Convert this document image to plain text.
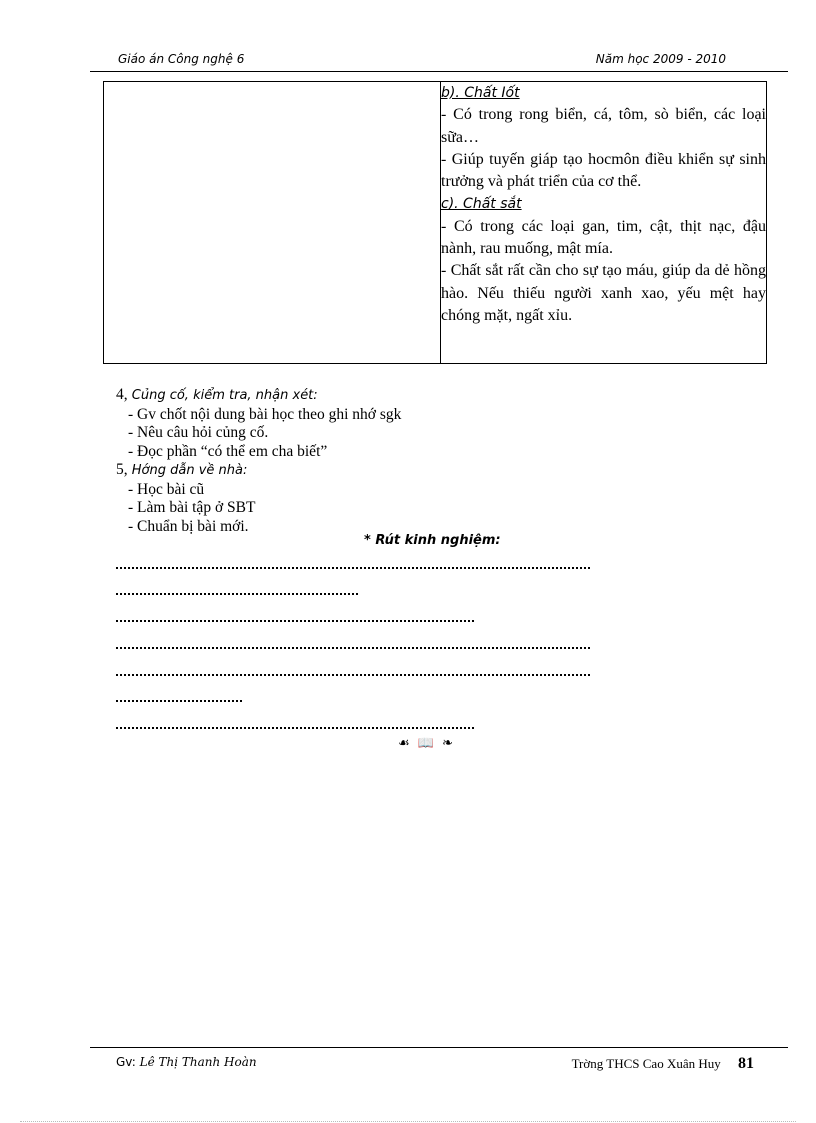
Giáo án Công nghệ 6	Năm học 2009 - 2010

b). Chất Iốt

- Có trong rong biển, cá, tôm, sò biển, các loại sữa…

- Giúp tuyến giáp tạo hocmôn điều khiển sự sinh trưởng và phát triển của cơ thể.

c). Chất sắt

- Có trong các loại gan, tim, cật, thịt nạc, đậu nành, rau muống, mật mía.

- Chất sắt rất cần cho sự tạo máu, giúp da dẻ hồng hào. Nếu thiếu người xanh xao, yếu mệt hay chóng mặt, ngất xỉu.

4, Củng cố, kiểm tra, nhận xét:
- Gv chốt nội dung bài học theo ghi nhớ sgk
- Nêu câu hỏi củng cố.
- Đọc phần “có thể em cha biết”
5, Hớng dẫn về nhà:
- Học bài cũ
- Làm bài tập ở SBT
- Chuẩn bị bài mới.
* Rút kinh nghiệm:
☙ 📖 ❧
Gv: Lê Thị Thanh Hoàn	Trờng THCS Cao Xuân Huy 81
